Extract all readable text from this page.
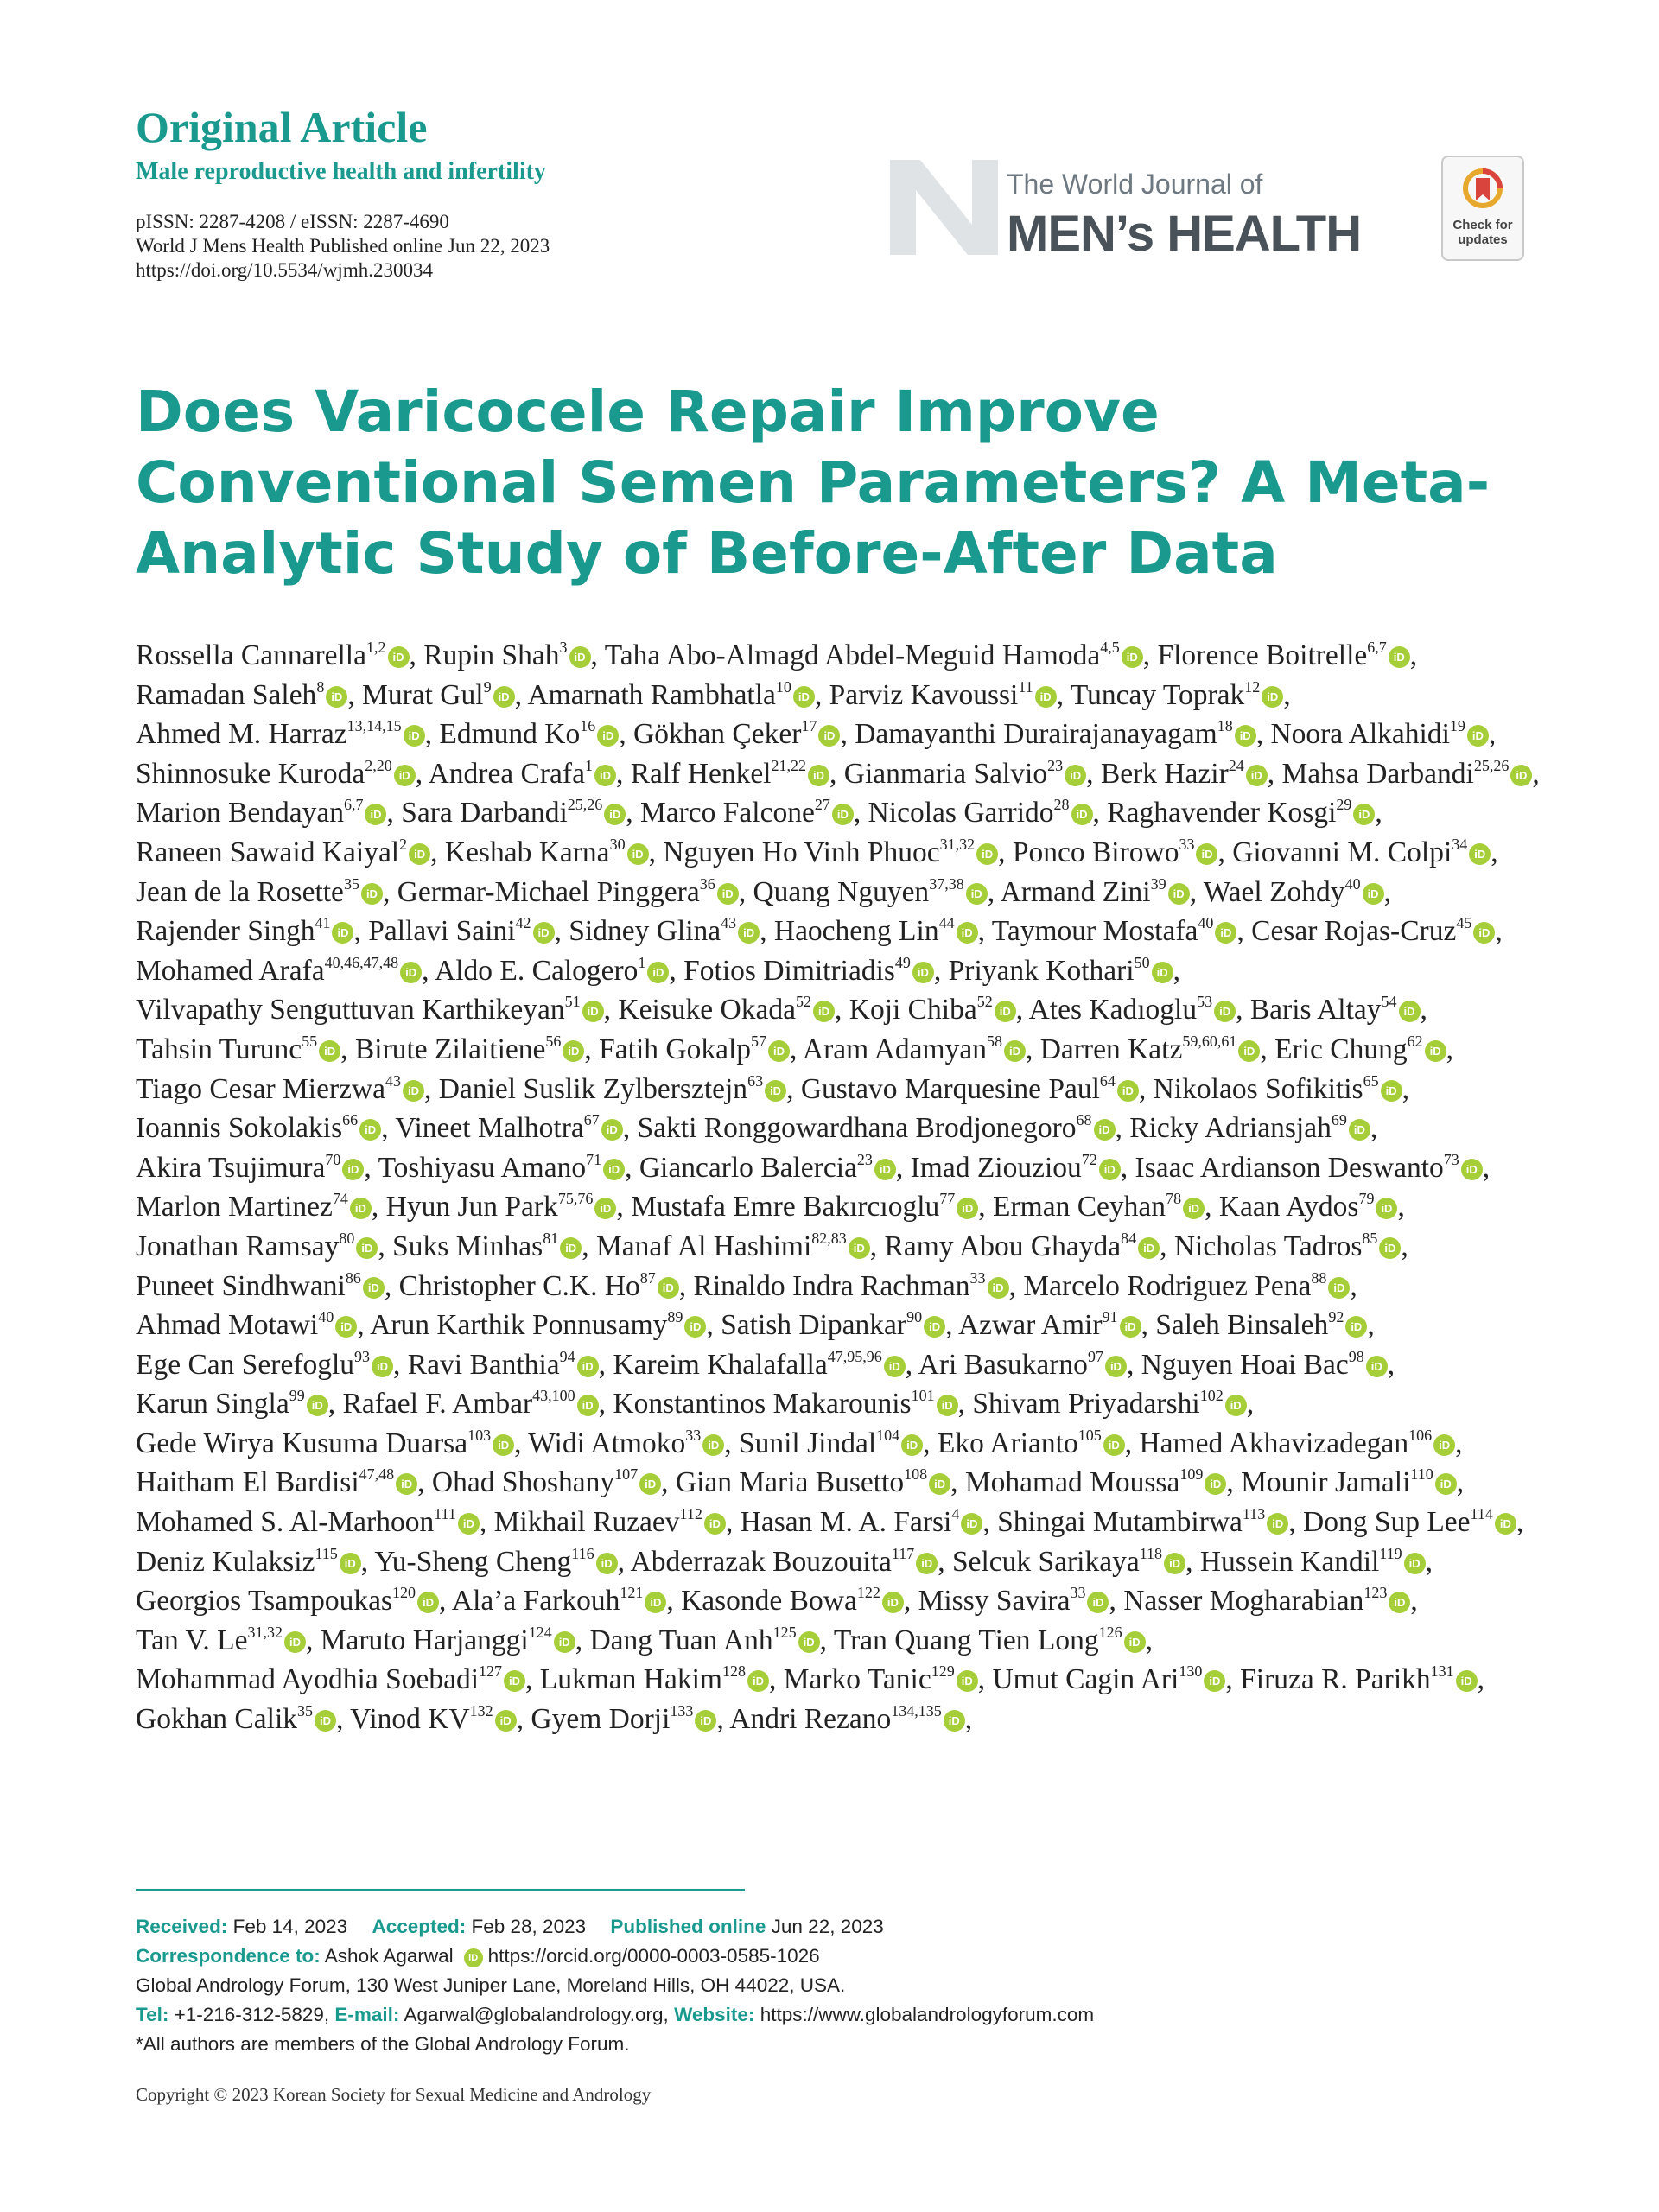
Original Article
Male reproductive health and infertility
pISSN: 2287-4208 / eISSN: 2287-4690
World J Mens Health Published online Jun 22, 2023
https://doi.org/10.5534/wjmh.230034
The World Journal of
MEN’s HEALTH	Check for
updates
Does Varicocele Repair Improve Conventional Semen Parameters? A Meta-Analytic Study of Before-After Data
Rossella Cannarella$^{1,2}$iD , Rupin Shah$^3$iD , Taha Abo-Almagd Abdel-Meguid Hamoda$^{4,5}$iD , Florence Boitrelle$^{6,7}$iD , Ramadan Saleh$^8$iD , Murat Gul$^9$iD , Amarnath Rambhatla$^{10}$iD , Parviz Kavoussi$^{11}$iD , Tuncay Toprak$^{12}$iD , Ahmed M. Harraz$^{13,14,15}$iD , Edmund Ko$^{16}$iD , Gökhan Çeker$^{17}$iD , Damayanthi Durairajanayagam$^{18}$iD , Noora Alkahidi$^{19}$iD , Shinnosuke Kuroda$^{2,20}$iD , Andrea Crafa$^1$iD , Ralf Henkel$^{21,22}$iD , Gianmaria Salvio$^{23}$iD , Berk Hazir$^{24}$iD , Mahsa Darbandi$^{25,26}$iD , Marion Bendayan$^{6,7}$iD , Sara Darbandi$^{25,26}$iD , Marco Falcone$^{27}$iD , Nicolas Garrido$^{28}$iD , Raghavender Kosgi$^{29}$iD , Raneen Sawaid Kaiyal$^2$iD , Keshab Karna$^{30}$iD , Nguyen Ho Vinh Phuoc$^{31,32}$iD , Ponco Birowo$^{33}$iD , Giovanni M. Colpi$^{34}$iD , Jean de la Rosette$^{35}$iD , Germar-Michael Pinggera$^{36}$iD , Quang Nguyen$^{37,38}$iD , Armand Zini$^{39}$iD , Wael Zohdy$^{40}$iD , Rajender Singh$^{41}$iD , Pallavi Saini$^{42}$iD , Sidney Glina$^{43}$iD , Haocheng Lin$^{44}$iD , Taymour Mostafa$^{40}$iD , Cesar Rojas-Cruz$^{45}$iD , Mohamed Arafa$^{40,46,47,48}$iD , Aldo E. Calogero$^1$iD , Fotios Dimitriadis$^{49}$iD , Priyank Kothari$^{50}$iD , Vilvapathy Senguttuvan Karthikeyan$^{51}$iD , Keisuke Okada$^{52}$iD , Koji Chiba$^{52}$iD , Ates Kadıoglu$^{53}$iD , Baris Altay$^{54}$iD , Tahsin Turunc$^{55}$iD , Birute Zilaitiene$^{56}$iD , Fatih Gokalp$^{57}$iD , Aram Adamyan$^{58}$iD , Darren Katz$^{59,60,61}$iD , Eric Chung$^{62}$iD , Tiago Cesar Mierzwa$^{43}$iD , Daniel Suslik Zylbersztejn$^{63}$iD , Gustavo Marquesine Paul$^{64}$iD , Nikolaos Sofikitis$^{65}$iD , Ioannis Sokolakis$^{66}$iD , Vineet Malhotra$^{67}$iD , Sakti Ronggowardhana Brodjonegoro$^{68}$iD , Ricky Adriansjah$^{69}$iD , Akira Tsujimura$^{70}$iD , Toshiyasu Amano$^{71}$iD , Giancarlo Balercia$^{23}$iD , Imad Ziouziou$^{72}$iD , Isaac Ardianson Deswanto$^{73}$iD , Marlon Martinez$^{74}$iD , Hyun Jun Park$^{75,76}$iD , Mustafa Emre Bakırcıoglu$^{77}$iD , Erman Ceyhan$^{78}$iD , Kaan Aydos$^{79}$iD , Jonathan Ramsay$^{80}$iD , Suks Minhas$^{81}$iD , Manaf Al Hashimi$^{82,83}$iD , Ramy Abou Ghayda$^{84}$iD , Nicholas Tadros$^{85}$iD , Puneet Sindhwani$^{86}$iD , Christopher C.K. Ho$^{87}$iD , Rinaldo Indra Rachman$^{33}$iD , Marcelo Rodriguez Pena$^{88}$iD , Ahmad Motawi$^{40}$iD , Arun Karthik Ponnusamy$^{89}$iD , Satish Dipankar$^{90}$iD , Azwar Amir$^{91}$iD , Saleh Binsaleh$^{92}$iD , Ege Can Serefoglu$^{93}$iD , Ravi Banthia$^{94}$iD , Kareim Khalafalla$^{47,95,96}$iD , Ari Basukarno$^{97}$iD , Nguyen Hoai Bac$^{98}$iD , Karun Singla$^{99}$iD , Rafael F. Ambar$^{43,100}$iD , Konstantinos Makarounis$^{101}$iD , Shivam Priyadarshi$^{102}$iD , Gede Wirya Kusuma Duarsa$^{103}$iD , Widi Atmoko$^{33}$iD , Sunil Jindal$^{104}$iD , Eko Arianto$^{105}$iD , Hamed Akhavizadegan$^{106}$iD , Haitham El Bardisi$^{47,48}$iD , Ohad Shoshany$^{107}$iD , Gian Maria Busetto$^{108}$iD , Mohamad Moussa$^{109}$iD , Mounir Jamali$^{110}$iD , Mohamed S. Al-Marhoon$^{111}$iD , Mikhail Ruzaev$^{112}$iD , Hasan M. A. Farsi$^4$iD , Shingai Mutambirwa$^{113}$iD , Dong Sup Lee$^{114}$iD , Deniz Kulaksiz$^{115}$iD , Yu-Sheng Cheng$^{116}$iD , Abderrazak Bouzouita$^{117}$iD , Selcuk Sarikaya$^{118}$iD , Hussein Kandil$^{119}$iD , Georgios Tsampoukas$^{120}$iD , Ala’a Farkouh$^{121}$iD , Kasonde Bowa$^{122}$iD , Missy Savira$^{33}$iD , Nasser Mogharabian$^{123}$iD , Tan V. Le$^{31,32}$iD , Maruto Harjanggi$^{124}$iD , Dang Tuan Anh$^{125}$iD , Tran Quang Tien Long$^{126}$iD , Mohammad Ayodhia Soebadi$^{127}$iD , Lukman Hakim$^{128}$iD , Marko Tanic$^{129}$iD , Umut Cagin Ari$^{130}$iD , Firuza R. Parikh$^{131}$iD , Gokhan Calik$^{35}$iD , Vinod KV$^{132}$iD , Gyem Dorji$^{133}$iD , Andri Rezano$^{134,135}$iD ,
Received: Feb 14, 2023 Accepted: Feb 28, 2023 Published online Jun 22, 2023
Correspondence to: Ashok Agarwal iD https://orcid.org/0000-0003-0585-1026
Global Andrology Forum, 130 West Juniper Lane, Moreland Hills, OH 44022, USA.
Tel: +1-216-312-5829, E-mail: Agarwal@globalandrology.org, Website: https://www.globalandrologyforum.com
*All authors are members of the Global Andrology Forum.
Copyright © 2023 Korean Society for Sexual Medicine and Andrology
